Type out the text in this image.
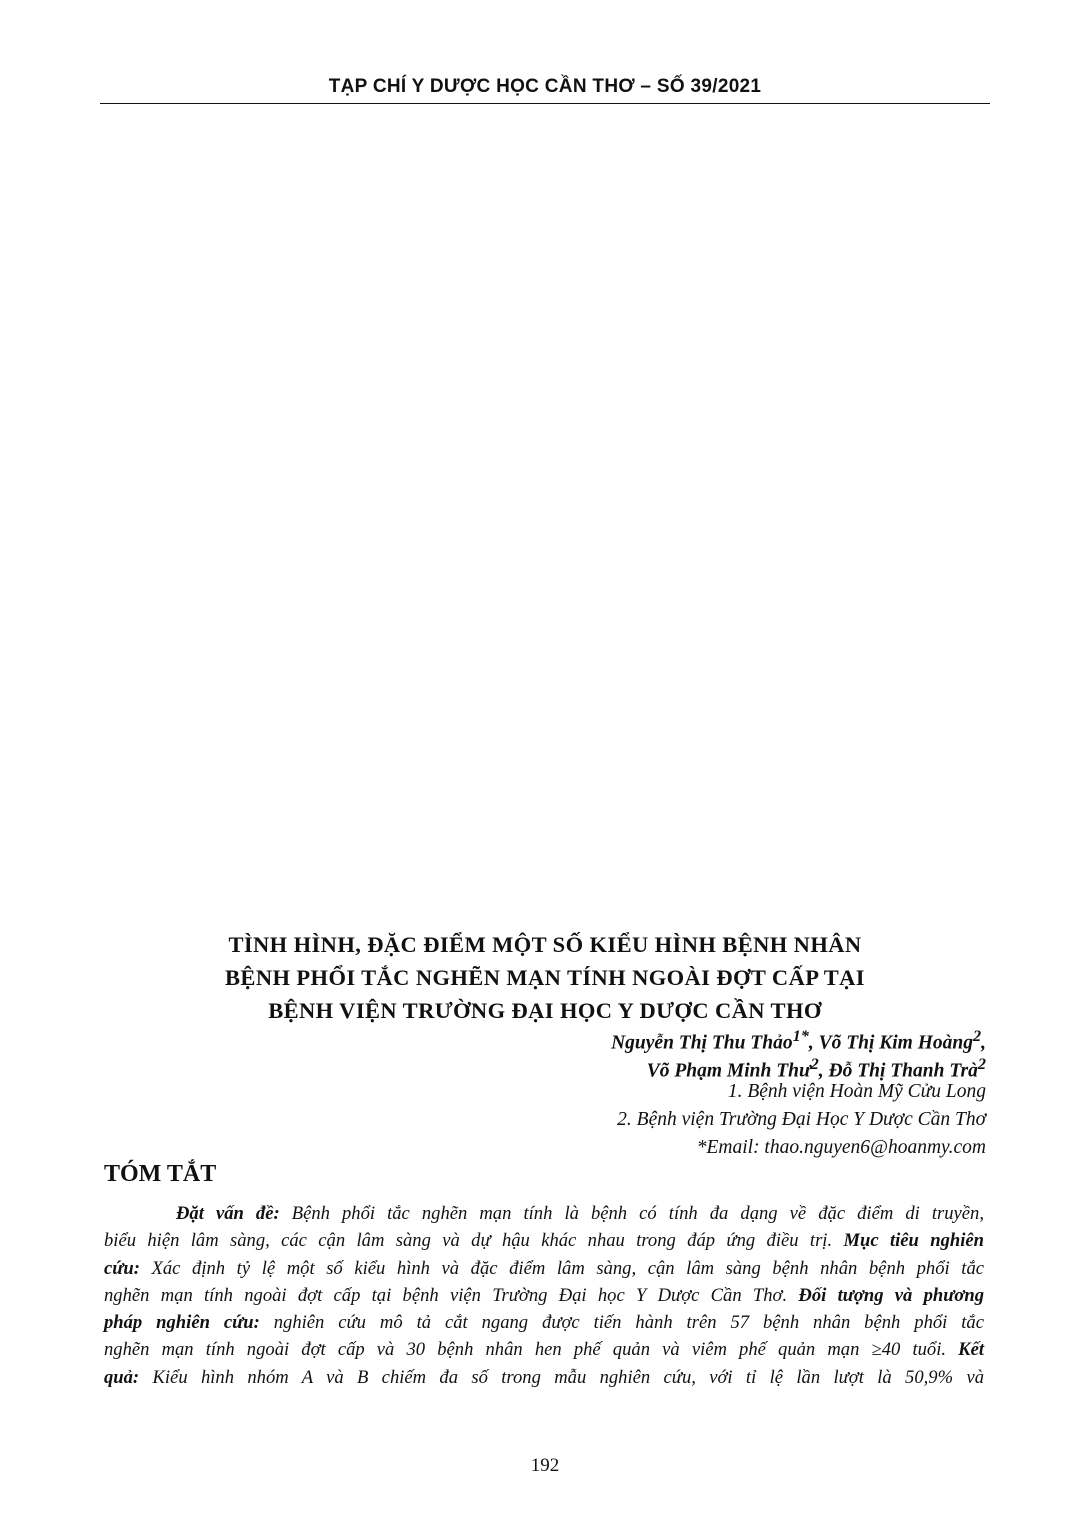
TẠP CHÍ Y DƯỢC HỌC CẦN THƠ – SỐ 39/2021
TÌNH HÌNH, ĐẶC ĐIỂM MỘT SỐ KIỂU HÌNH BỆNH NHÂN
BỆNH PHỔI TẮC NGHẼN MẠN TÍNH NGOÀI ĐỢT CẤP TẠI
BỆNH VIỆN TRƯỜNG ĐẠI HỌC Y DƯỢC CẦN THƠ
Nguyễn Thị Thu Thảo$^{1*}$, Võ Thị Kim Hoàng$^2$,
Võ Phạm Minh Thư$^2$, Đỗ Thị Thanh Trà$^2$
1. Bệnh viện Hoàn Mỹ Cửu Long
2. Bệnh viện Trường Đại Học Y Dược Cần Thơ
*Email: thao.nguyen6@hoanmy.com
TÓM TẮT
Đặt vấn đề: Bệnh phổi tắc nghẽn mạn tính là bệnh có tính đa dạng về đặc điểm di truyền,
biểu hiện lâm sàng, các cận lâm sàng và dự hậu khác nhau trong đáp ứng điều trị. Mục tiêu nghiên
cứu: Xác định tỷ lệ một số kiểu hình và đặc điểm lâm sàng, cận lâm sàng bệnh nhân bệnh phổi tắc
nghẽn mạn tính ngoài đợt cấp tại bệnh viện Trường Đại học Y Dược Cần Thơ. Đối tượng và phương
pháp nghiên cứu: nghiên cứu mô tả cắt ngang được tiến hành trên 57 bệnh nhân bệnh phổi tắc
nghẽn mạn tính ngoài đợt cấp và 30 bệnh nhân hen phế quản và viêm phế quản mạn ≥40 tuổi. Kết
quả: Kiểu hình nhóm A và B chiếm đa số trong mẫu nghiên cứu, với tỉ lệ lần lượt là 50,9% và
192
